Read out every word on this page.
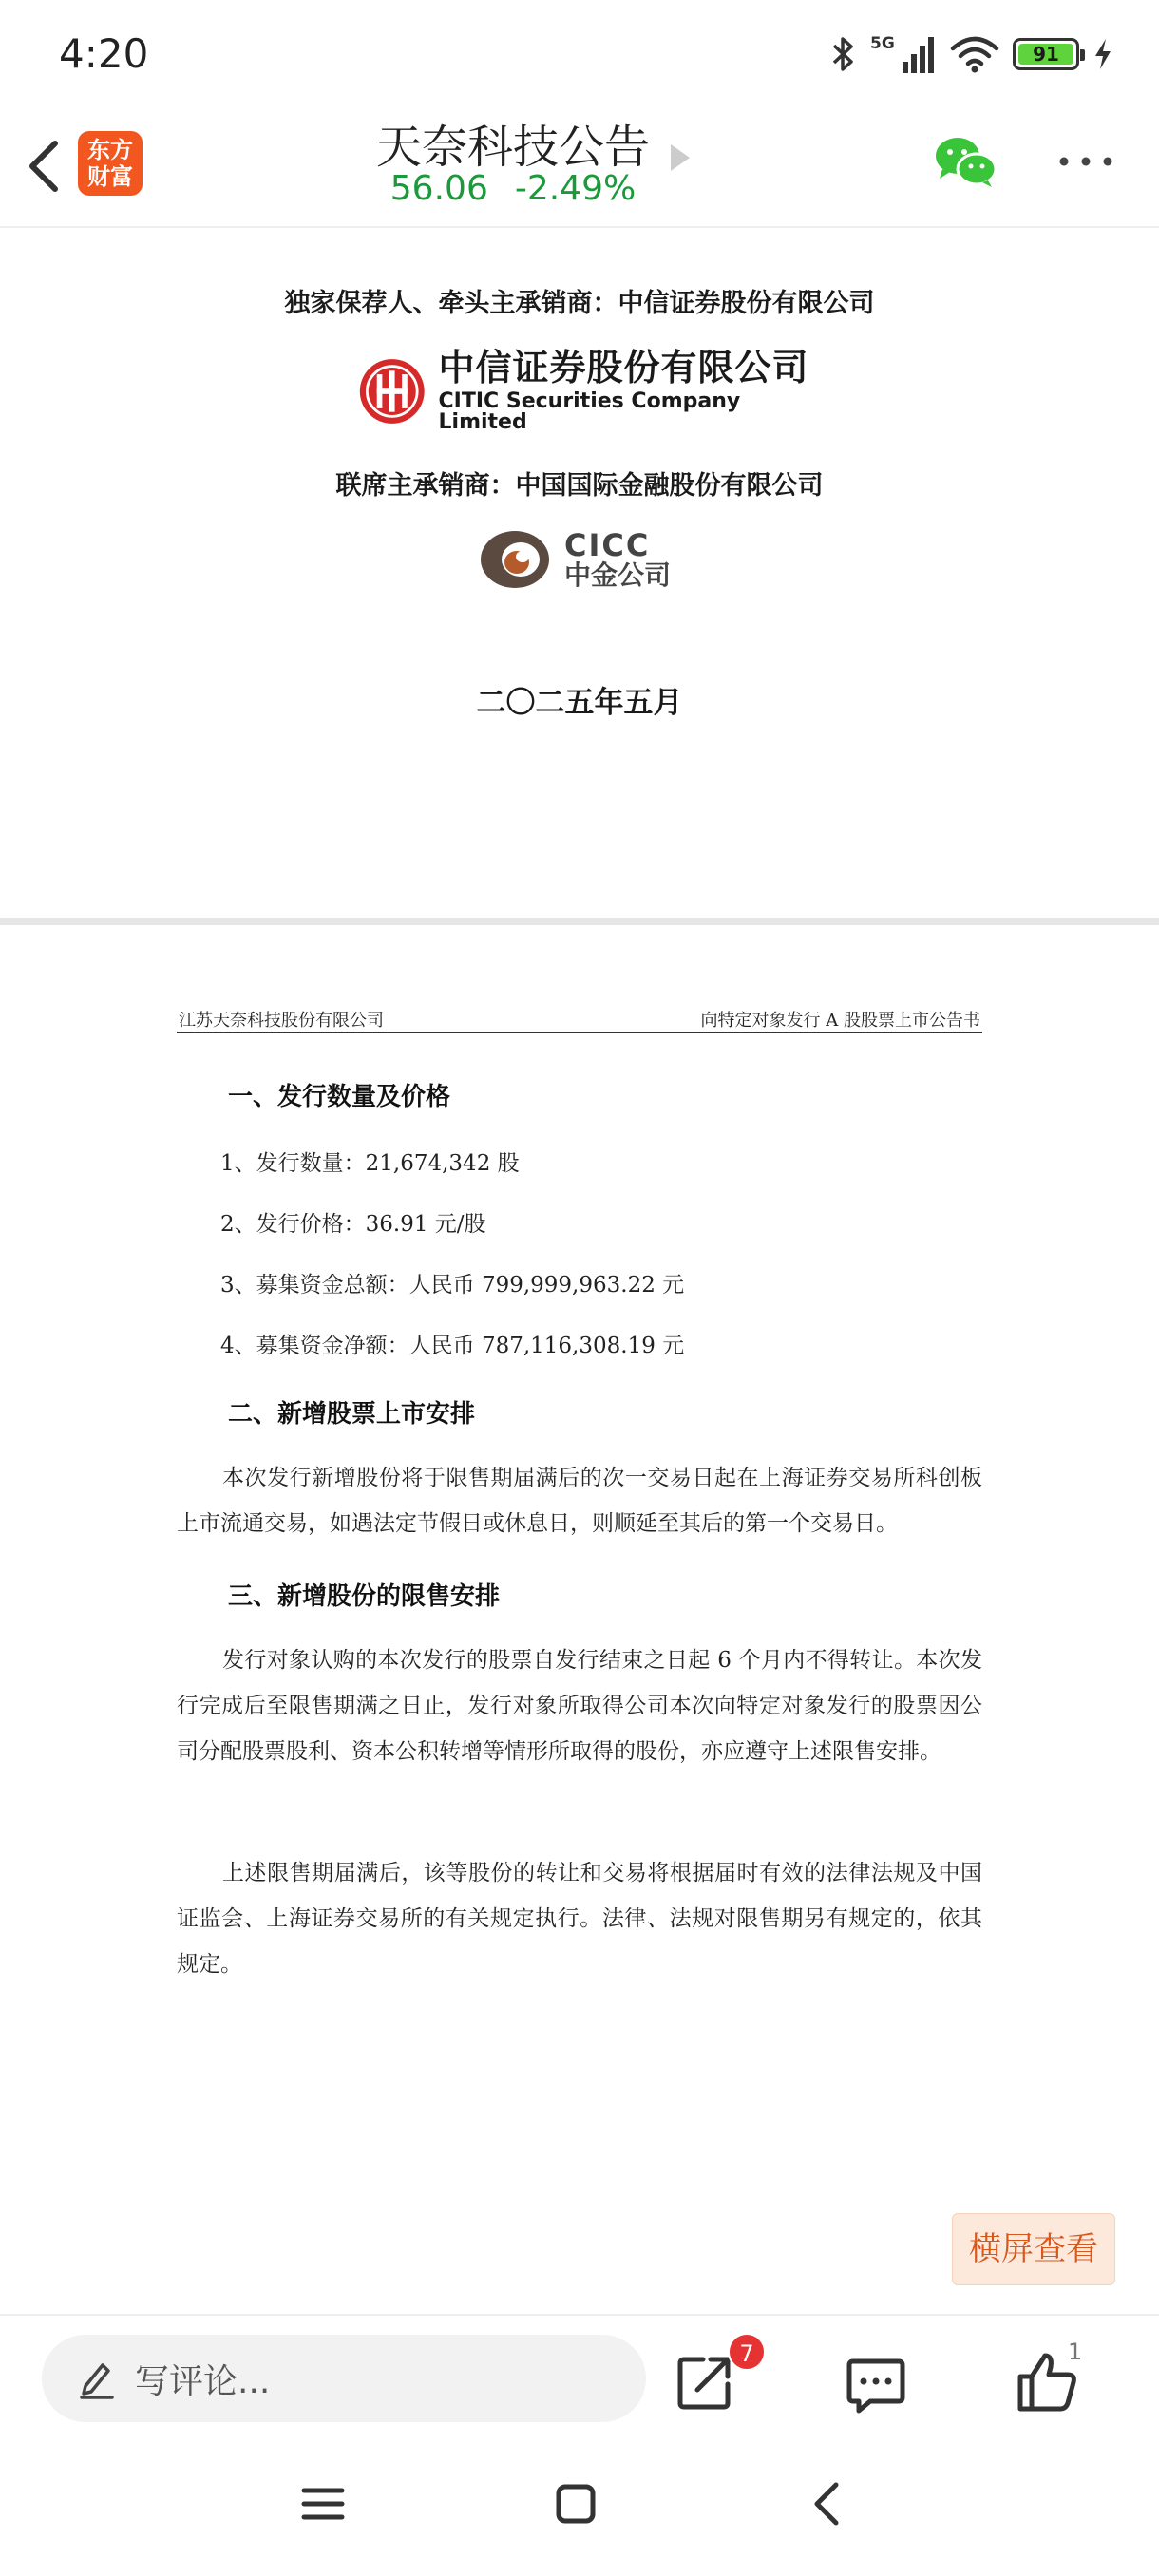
4:20	5G	91
东方
财富
天奈科技公告
56.06 -2.49%
独家保荐人、牵头主承销商：中信证券股份有限公司
中信证券股份有限公司
CITIC Securities Company Limited
联席主承销商：中国国际金融股份有限公司
CICC
中金公司
二〇二五年五月
江苏天奈科技股份有限公司	向特定对象发行 A 股股票上市公告书
一、发行数量及价格
1、发行数量：21,674,342 股
2、发行价格：36.91 元/股
3、募集资金总额：人民币 799,999,963.22 元
4、募集资金净额：人民币 787,116,308.19 元
二、新增股票上市安排
本次发行新增股份将于限售期届满后的次一交易日起在上海证券交易所科创板上市流通交易，如遇法定节假日或休息日，则顺延至其后的第一个交易日。
三、新增股份的限售安排
发行对象认购的本次发行的股票自发行结束之日起 6 个月内不得转让。本次发行完成后至限售期满之日止，发行对象所取得公司本次向特定对象发行的股票因公司分配股票股利、资本公积转增等情形所取得的股份，亦应遵守上述限售安排。
上述限售期届满后，该等股份的转让和交易将根据届时有效的法律法规及中国证监会、上海证券交易所的有关规定执行。法律、法规对限售期另有规定的，依其规定。
横屏查看
写评论...
7	1
